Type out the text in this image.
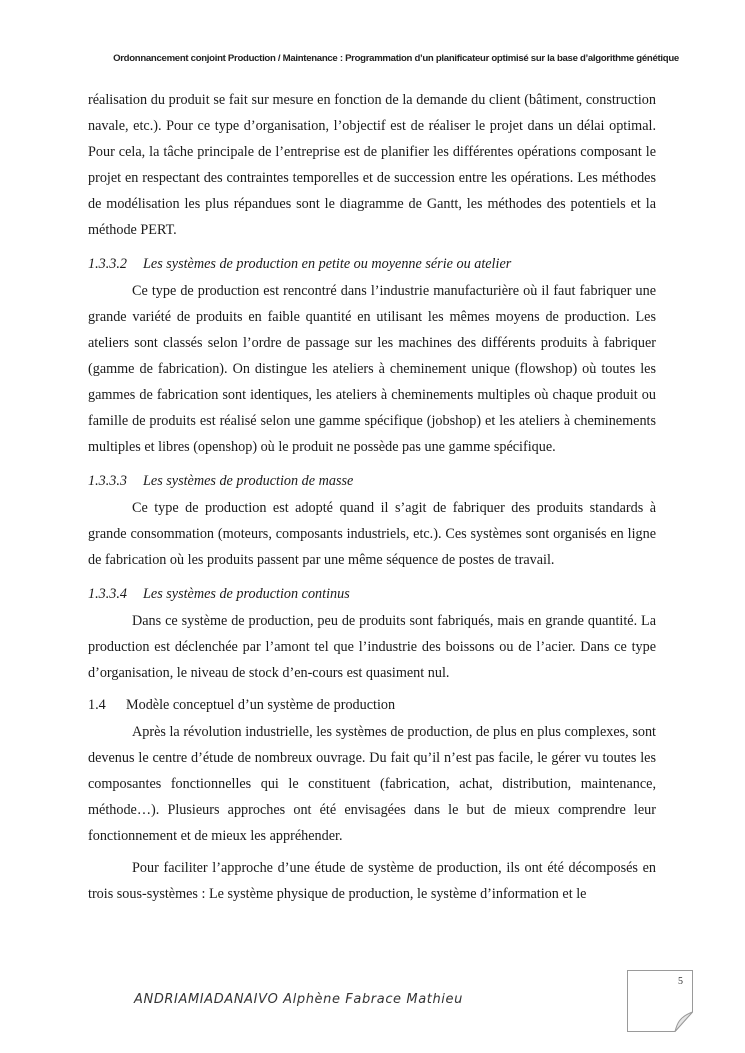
Ordonnancement conjoint Production / Maintenance : Programmation d’un planificateur optimisé sur la base d’algorithme génétique

réalisation du produit se fait sur mesure en fonction de la demande du client (bâtiment, construction navale, etc.). Pour ce type d’organisation, l’objectif est de réaliser le projet dans un délai optimal. Pour cela, la tâche principale de l’entreprise est de planifier les différentes opérations composant le projet en respectant des contraintes temporelles et de succession entre les opérations. Les méthodes de modélisation les plus répandues sont le diagramme de Gantt, les méthodes des potentiels et la méthode PERT.

1.3.3.2 Les systèmes de production en petite ou moyenne série ou atelier

Ce type de production est rencontré dans l’industrie manufacturière où il faut fabriquer une grande variété de produits en faible quantité en utilisant les mêmes moyens de production. Les ateliers sont classés selon l’ordre de passage sur les machines des différents produits à fabriquer (gamme de fabrication). On distingue les ateliers à cheminement unique (flowshop) où toutes les gammes de fabrication sont identiques, les ateliers à cheminements multiples où chaque produit ou famille de produits est réalisé selon une gamme spécifique (jobshop) et les ateliers à cheminements multiples et libres (openshop) où le produit ne possède pas une gamme spécifique.

1.3.3.3 Les systèmes de production de masse

Ce type de production est adopté quand il s’agit de fabriquer des produits standards à grande consommation (moteurs, composants industriels, etc.). Ces systèmes sont organisés en ligne de fabrication où les produits passent par une même séquence de postes de travail.

1.3.3.4 Les systèmes de production continus

Dans ce système de production, peu de produits sont fabriqués, mais en grande quantité. La production est déclenchée par l’amont tel que l’industrie des boissons ou de l’acier. Dans ce type d’organisation, le niveau de stock d’en-cours est quasiment nul.

1.4 Modèle conceptuel d’un système de production

Après la révolution industrielle, les systèmes de production, de plus en plus complexes, sont devenus le centre d’étude de nombreux ouvrage. Du fait qu’il n’est pas facile, le gérer vu toutes les composantes fonctionnelles qui le constituent (fabrication, achat, distribution, maintenance, méthode…). Plusieurs approches ont été envisagées dans le but de mieux comprendre leur fonctionnement et de mieux les appréhender.

Pour faciliter l’approche d’une étude de système de production, ils ont été décomposés en trois sous-systèmes : Le système physique de production, le système d’information et le

ANDRIAMIADANAIVO Alphène Fabrace Mathieu
5
